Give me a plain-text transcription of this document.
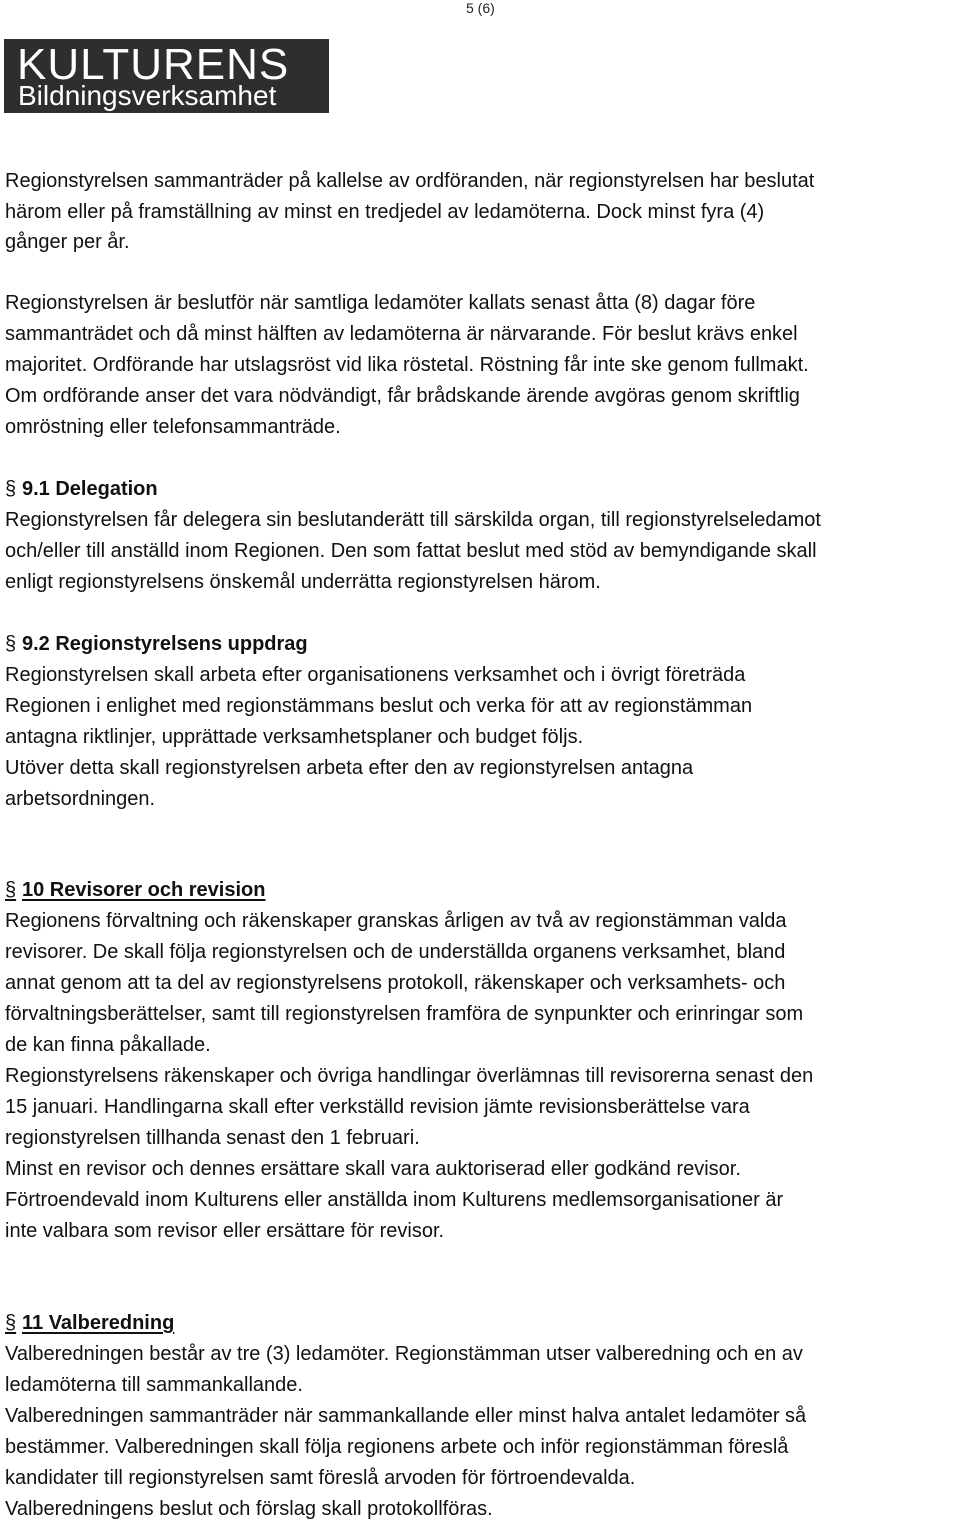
5 (6)
KULTURENS
Bildningsverksamhet
Regionstyrelsen sammanträder på kallelse av ordföranden, när regionstyrelsen har beslutat
härom eller på framställning av minst en tredjedel av ledamöterna. Dock minst fyra (4)
gånger per år.
Regionstyrelsen är beslutför när samtliga ledamöter kallats senast åtta (8) dagar före
sammanträdet och då minst hälften av ledamöterna är närvarande. För beslut krävs enkel
majoritet. Ordförande har utslagsröst vid lika röstetal. Röstning får inte ske genom fullmakt.
Om ordförande anser det vara nödvändigt, får brådskande ärende avgöras genom skriftlig
omröstning eller telefonsammanträde.
§ 9.1 Delegation
Regionstyrelsen får delegera sin beslutanderätt till särskilda organ, till regionstyrelseledamot
och/eller till anställd inom Regionen. Den som fattat beslut med stöd av bemyndigande skall
enligt regionstyrelsens önskemål underrätta regionstyrelsen härom.
§ 9.2 Regionstyrelsens uppdrag
Regionstyrelsen skall arbeta efter organisationens verksamhet och i övrigt företräda
Regionen i enlighet med regionstämmans beslut och verka för att av regionstämman
antagna riktlinjer, upprättade verksamhetsplaner och budget följs.
Utöver detta skall regionstyrelsen arbeta efter den av regionstyrelsen antagna
arbetsordningen.
§ 10 Revisorer och revision
Regionens förvaltning och räkenskaper granskas årligen av två av regionstämman valda
revisorer. De skall följa regionstyrelsen och de underställda organens verksamhet, bland
annat genom att ta del av regionstyrelsens protokoll, räkenskaper och verksamhets- och
förvaltningsberättelser, samt till regionstyrelsen framföra de synpunkter och erinringar som
de kan finna påkallade.
Regionstyrelsens räkenskaper och övriga handlingar överlämnas till revisorerna senast den
15 januari. Handlingarna skall efter verkställd revision jämte revisionsberättelse vara
regionstyrelsen tillhanda senast den 1 februari.
Minst en revisor och dennes ersättare skall vara auktoriserad eller godkänd revisor.
Förtroendevald inom Kulturens eller anställda inom Kulturens medlemsorganisationer är
inte valbara som revisor eller ersättare för revisor.
§ 11 Valberedning
Valberedningen består av tre (3) ledamöter. Regionstämman utser valberedning och en av
ledamöterna till sammankallande.
Valberedningen sammanträder när sammankallande eller minst halva antalet ledamöter så
bestämmer. Valberedningen skall följa regionens arbete och inför regionstämman föreslå
kandidater till regionstyrelsen samt föreslå arvoden för förtroendevalda.
Valberedningens beslut och förslag skall protokollföras.
